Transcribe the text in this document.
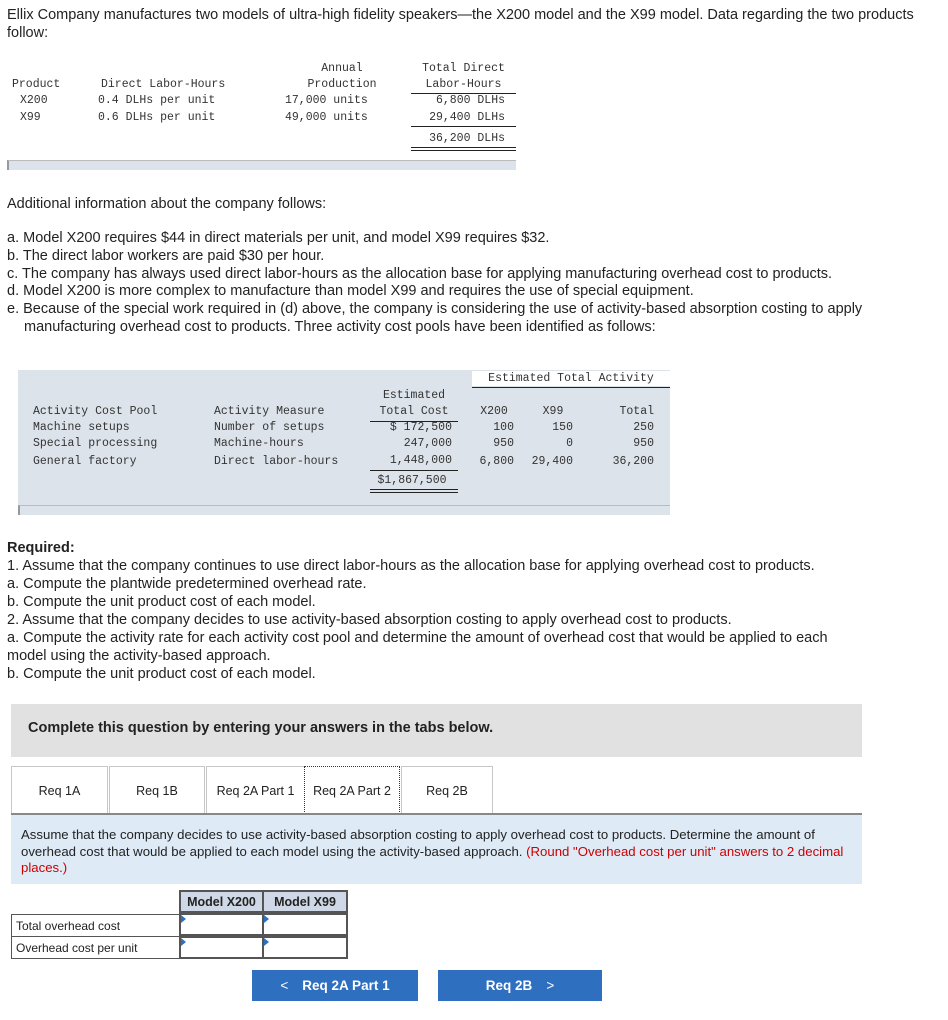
Ellix Company manufactures two models of ultra-high fidelity speakers—the X200 model and the X99 model. Data regarding the two products follow:
Annual	Total Direct
Product	Direct Labor-Hours	Production	Labor-Hours
X200	0.4 DLHs per unit	17,000 units	6,800 DLHs
X99	0.6 DLHs per unit	49,000 units	29,400 DLHs
36,200 DLHs
Additional information about the company follows:
a. Model X200 requires $44 in direct materials per unit, and model X99 requires $32.
b. The direct labor workers are paid $30 per hour.
c. The company has always used direct labor-hours as the allocation base for applying manufacturing overhead cost to products.
d. Model X200 is more complex to manufacture than model X99 and requires the use of special equipment.
e. Because of the special work required in (d) above, the company is considering the use of activity-based absorption costing to apply
manufacturing overhead cost to products. Three activity cost pools have been identified as follows:
Estimated Total Activity
Estimated
Activity Cost Pool	Activity Measure	Total Cost	X200	X99	Total
Machine setups	Number of setups	$ 172,500	100	150	250
Special processing	Machine-hours	247,000	950	0	950
General factory	Direct labor-hours	1,448,000	6,800	29,400	36,200
$1,867,500
Required:
1. Assume that the company continues to use direct labor-hours as the allocation base for applying overhead cost to products.
a. Compute the plantwide predetermined overhead rate.
b. Compute the unit product cost of each model.
2. Assume that the company decides to use activity-based absorption costing to apply overhead cost to products.
a. Compute the activity rate for each activity cost pool and determine the amount of overhead cost that would be applied to each
model using the activity-based approach.
b. Compute the unit product cost of each model.
Complete this question by entering your answers in the tabs below.
Req 1A	Req 1B	Req 2A Part 1	Req 2A Part 2	Req 2B
Assume that the company decides to use activity-based absorption costing to apply overhead cost to products. Determine the amount of overhead cost that would be applied to each model using the activity-based approach. (Round "Overhead cost per unit" answers to 2 decimal places.)
Model X200	Model X99
Total overhead cost
Overhead cost per unit
< Req 2A Part 1	Req 2B >
